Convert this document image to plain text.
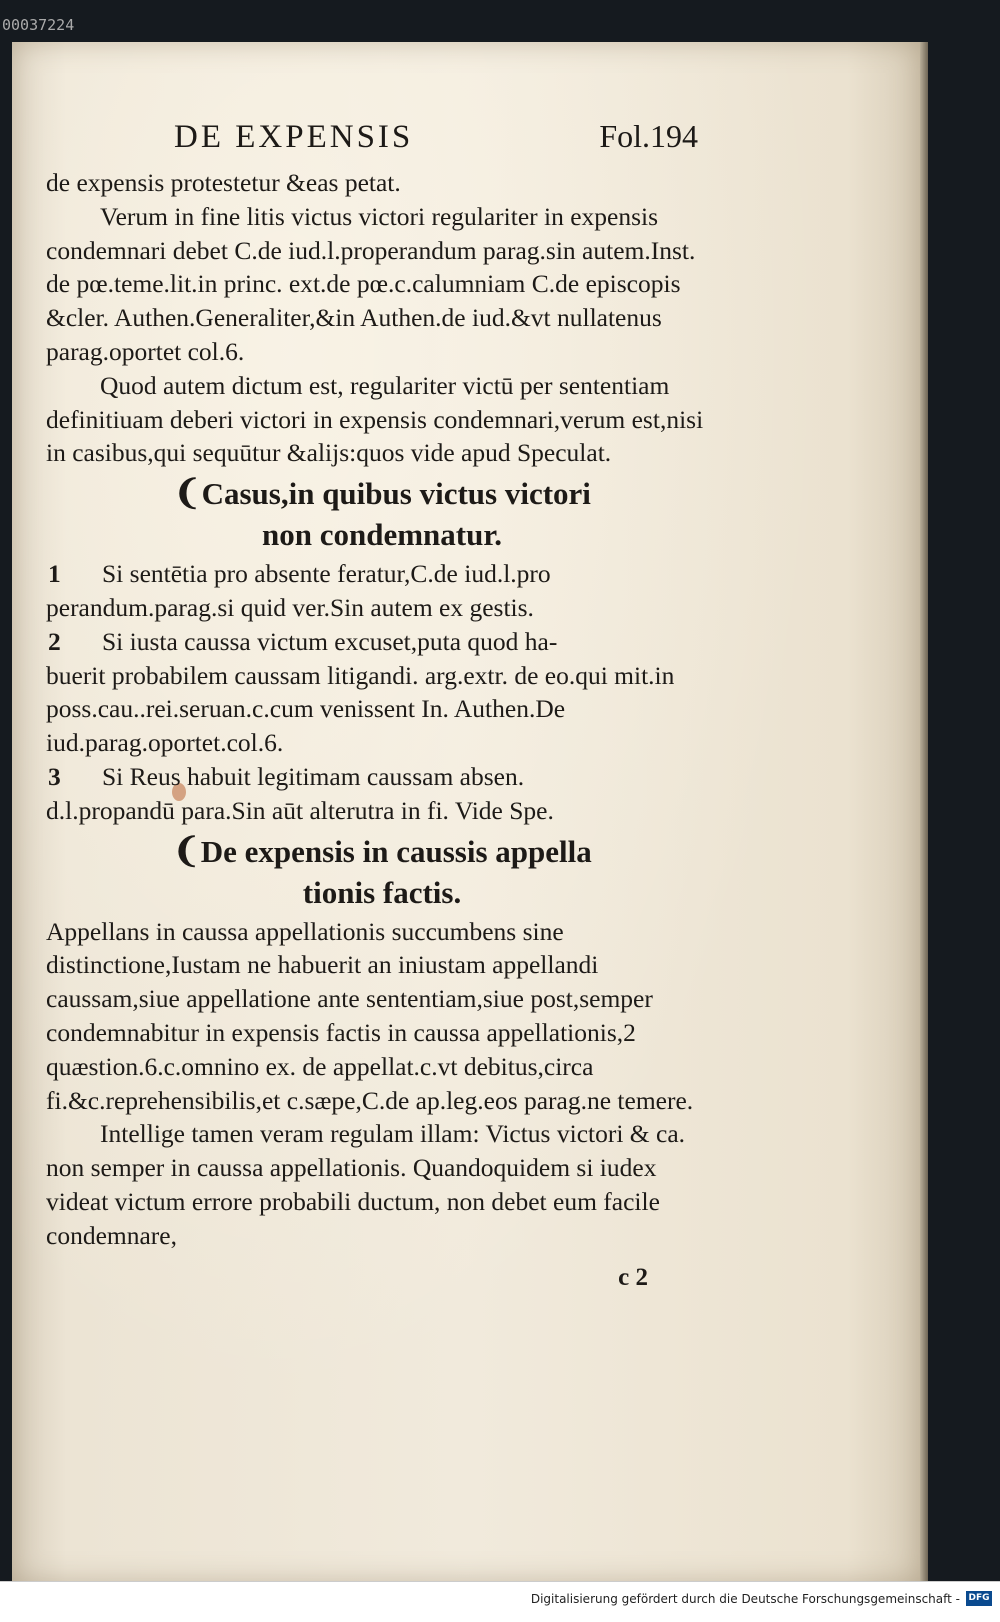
00037224
DE EXPENSIS	Fol.194

de expensis protestetur &eas petat.

Verum in fine litis victus victori regulariter in expensis condemnari debet C.de iud.l.properandum parag.sin autem.Inst. de pœ.teme.lit.in princ. ext.de pœ.c.calumniam C.de episcopis &cler. Authen.Generaliter,&in Authen.de iud.&vt nullatenus parag.oportet col.6.

Quod autem dictum est, regulariter victū per sententiam definitiuam deberi victori in expensis condemnari,verum est,nisi in casibus,qui sequūtur &alijs:quos vide apud Speculat.

❨Casus,in quibus victus victori
non condemnatur.
1	Si sentētia pro absente feratur,C.de iud.l.pro
perandum.parag.si quid ver.Sin autem ex gestis.
2	Si iusta caussa victum excuset,puta quod ha-
buerit probabilem caussam litigandi. arg.extr. de eo.qui mit.in poss.cau..rei.seruan.c.cum venissent In. Authen.De iud.parag.oportet.col.6.
3	Si Reus habuit legitimam caussam absen.
d.l.propandū para.Sin aūt alterutra in fi. Vide Spe.
❨De expensis in caussis appella
tionis factis.

Appellans in caussa appellationis succumbens sine distinctione,Iustam ne habuerit an iniustam appellandi caussam,siue appellatione ante sententiam,siue post,semper condemnabitur in expensis factis in caussa appellationis,2 quæstion.6.c.omnino ex. de appellat.c.vt debitus,circa fi.&c.reprehensibilis,et c.sæpe,C.de ap.leg.eos parag.ne temere.

Intellige tamen veram regulam illam: Victus victori & ca. non semper in caussa appellationis. Quandoquidem si iudex videat victum errore probabili ductum, non debet eum facile condemnare,

c 2
Digitalisierung gefördert durch die Deutsche Forschungsgemeinschaft - DFG
